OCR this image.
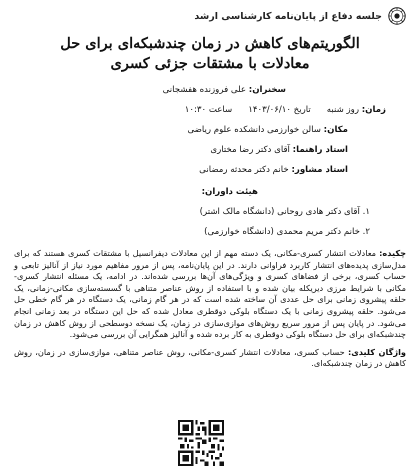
جلسه دفاع از پایان‌نامه کارشناسی ارشد
الگوریتم‌های کاهش در زمان چندشبکه‌ای برای حل
معادلات با مشتقات جزئی کسری
سخنران: علی فروزنده هفشجانی
زمان: روز شنبه
تاریخ ۱۴۰۳/۰۶/۱۰
ساعت ۱۰:۳۰
مکان: سالن خوارزمی دانشکده علوم ریاضی
استاد راهنما: آقای دکتر رضا مختاری
استاد مشاور: خانم دکتر محدثه رمضانی
هیئت داوران:
۱. آقای دکتر هادی روحانی (دانشگاه مالک اشتر)
۲. خانم دکتر مریم محمدی (دانشگاه خوارزمی)
چکیده: معادلات انتشار کسری-مکانی، یک دسته مهم از این معادلات دیفرانسیل با مشتقات کسری هستند که برای مدل‌سازی پدیده‌های انتشار کاربرد فراوانی دارند. در این پایان‌نامه، پس از مرور مفاهیم مورد نیاز از آنالیز تابعی و حساب کسری، برخی از فضاهای کسری و ویژگی‌های آن‌ها بررسی شده‌اند. در ادامه، یک مسئله انتشار کسری-مکانی با شرایط مرزی دیریکله بیان شده و با استفاده از روش عناصر متناهی با گسسته‌سازی مکانی-زمانی، یک حلقه پیشروی زمانی برای حل عددی آن ساخته شده است که در هر گام زمانی، یک دستگاه در هر گام خطی حل می‌شود. حلقه پیشروی زمانی با یک دستگاه بلوکی دوقطری معادل شده که حل این دستگاه در بعد زمانی انجام می‌شود. در پایان پس از مرور سریع روش‌های موازی‌سازی در زمان، یک نسخه دوسطحی از روش کاهش در زمان چندشبکه‌ای برای حل دستگاه بلوکی دوقطری به کار برده شده و آنالیز همگرایی آن بررسی می‌شود.
واژگان کلیدی: حساب کسری، معادلات انتشار کسری-مکانی، روش عناصر متناهی، موازی‌سازی در زمان، روش کاهش در زمان چندشبکه‌ای.
